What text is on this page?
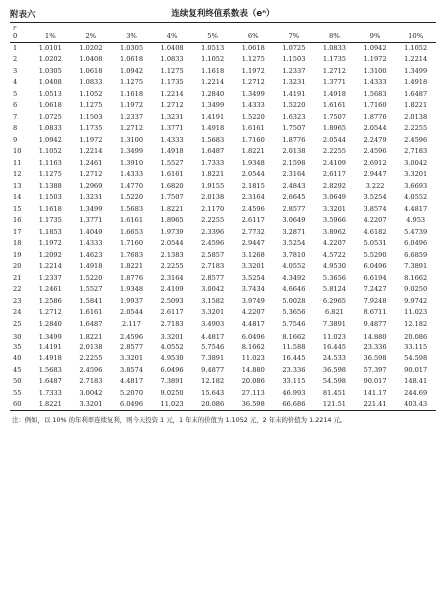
附表六	连续复利终值系数表（eⁿ）
r										
0	1%	2%	3%	4%	5%	6%	7%	8%	9%	10%
1	1.0101	1.0202	1.0305	1.0408	1.0513	1.0618	1.0725	1.0833	1.0942	1.1052
2	1.0202	1.0408	1.0618	1.0833	1.1052	1.1275	1.1503	1.1735	1.1972	1.2214
3	1.0305	1.0618	1.0942	1.1275	1.1618	1.1972	1.2337	1.2712	1.3100	1.3499
4	1.0408	1.0833	1.1275	1.1735	1.2214	1.2712	1.3231	1.3771	1.4333	1.4918
5	1.0513	1.1052	1.1618	1.2214	1.2840	1.3499	1.4191	1.4918	1.5683	1.6487
6	1.0618	1.1275	1.1972	1.2712	1.3499	1.4333	1.5220	1.6161	1.7160	1.8221
7	1.0725	1.1503	1.2337	1.3231	1.4191	1.5220	1.6323	1.7507	1.8776	2.0138
8	1.0833	1.1735	1.2712	1.3771	1.4918	1.6161	1.7507	1.8965	2.0544	2.2255
9	1.0942	1.1972	1.3100	1.4333	1.5683	1.7160	1.8776	2.0544	2.2479	2.4596
10	1.1052	1.2214	1.3499	1.4918	1.6487	1.8221	2.0138	2.2255	2.4596	2.7183
11	1.1163	1.2461	1.3910	1.5527	1.7333	1.9348	2.1598	2.4109	2.6912	3.0042
12	1.1275	1.2712	1.4333	1.6161	1.8221	2.0544	2.3164	2.6117	2.9447	3.3201
13	1.1388	1.2969	1.4770	1.6820	1.9155	2.1815	2.4843	2.8292	3.222	3.6693
14	1.1503	1.3231	1.5220	1.7507	2.0138	2.3164	2.6645	3.0649	3.5254	4.0552
15	1.1618	1.3499	1.5683	1.8221	2.1170	2.4596	2.8577	3.3201	3.8574	4.4817
16	1.1735	1.3771	1.6161	1.8965	2.2255	2.6117	3.0649	3.5966	4.2207	4.953
17	1.1853	1.4049	1.6653	1.9739	2.3396	2.7732	3.2871	3.8962	4.6182	5.4739
18	1.1972	1.4333	1.7160	2.0544	2.4596	2.9447	3.5254	4.2207	5.0531	6.0496
19	1.2092	1.4623	1.7683	2.1383	2.5857	3.1268	3.7810	4.5722	5.5290	6.6859
20	1.2214	1.4918	1.8221	2.2255	2.7183	3.3201	4.0552	4.9530	6.0496	7.3891
21	1.2337	1.5220	1.8776	2.3164	2.8577	3.5254	4.3492	5.3656	6.6194	8.1662
22	1.2461	1.5527	1.9348	2.4109	3.0042	3.7434	4.6646	5.8124	7.2427	9.0250
23	1.2586	1.5841	1.9937	2.5093	3.1582	3.9749	5.0028	6.2965	7.9248	9.9742
24	1.2712	1.6161	2.0544	2.6117	3.3201	4.2207	5.3656	6.821	8.6711	11.023
25	1.2840	1.6487	2.117	2.7183	3.4903	4.4817	5.7546	7.3891	9.4877	12.182
30	1.3499	1.8221	2.4596	3.3201	4.4817	6.0496	8.1662	11.023	14.880	20.086
35	1.4191	2.0138	2.8577	4.0552	5.7546	8.1662	11.588	16.445	23.336	33.115
40	1.4918	2.2255	3.3201	4.9530	7.3891	11.023	16.445	24.533	36.598	54.598
45	1.5683	2.4596	3.8574	6.0496	9.4877	14.880	23.336	36.598	57.397	90.017
50	1.6487	2.7183	4.4817	7.3891	12.182	20.086	33.115	54.598	90.017	148.41
55	1.7333	3.0042	5.2070	9.0250	15.643	27.113	46.993	81.451	141.17	244.69
60	1.8221	3.3201	6.0496	11.023	20.086	36.598	66.686	121.51	221.41	403.43
注：例如，以 10% 的年利率连续复利，则今天投资 1 元，1 年末的价值为 1.1052 元，2 年末的价值为 1.2214 元。
